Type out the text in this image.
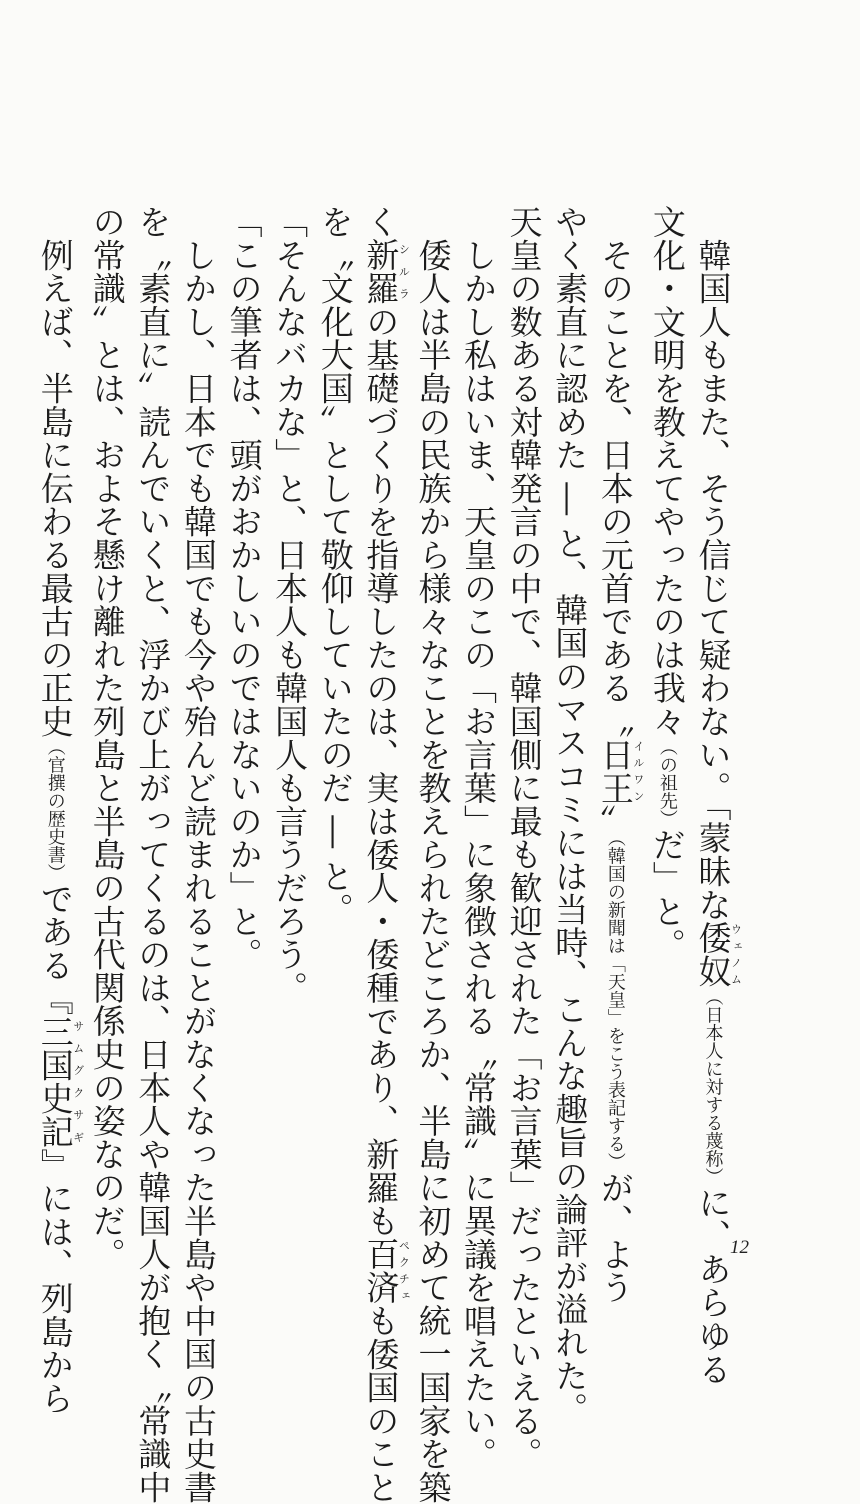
　韓国人もまた、そう信じて疑わない。「蒙昧な倭奴ウェノム（日本人に対する蔑称）に、あらゆる

文化・文明を教えてやったのは我々（の祖先）だ」と。

　そのことを、日本の元首である〝日王イルワン〟（韓国の新聞は「天皇」をこう表記する）が、よう

やく素直に認めた ― と、韓国のマスコミには当時、こんな趣旨の論評が溢れた。

天皇の数ある対韓発言の中で、韓国側に最も歓迎された「お言葉」だったといえる。

　しかし私はいま、天皇のこの「お言葉」に象徴される〝常識〟に異議を唱えたい。

　倭人は半島の民族から様々なことを教えられたどころか、半島に初めて統一国家を築

く新羅シルラの基礎づくりを指導したのは、実は倭人・倭種であり、新羅も百済ペクチェも倭国のこと

を〝文化大国〟として敬仰していたのだ ― と。

「そんなバカな」と、日本人も韓国人も言うだろう。

「この筆者は、頭がおかしいのではないのか」と。

　しかし、日本でも韓国でも今や殆んど読まれることがなくなった半島や中国の古史書

を〝素直に〟読んでいくと、浮かび上がってくるのは、日本人や韓国人が抱く〝常識中

の常識〟とは、およそ懸け離れた列島と半島の古代関係史の姿なのだ。

　例えば、半島に伝わる最古の正史（官撰の歴史書）である『三国史記サムグクサギ』には、列島から	12
